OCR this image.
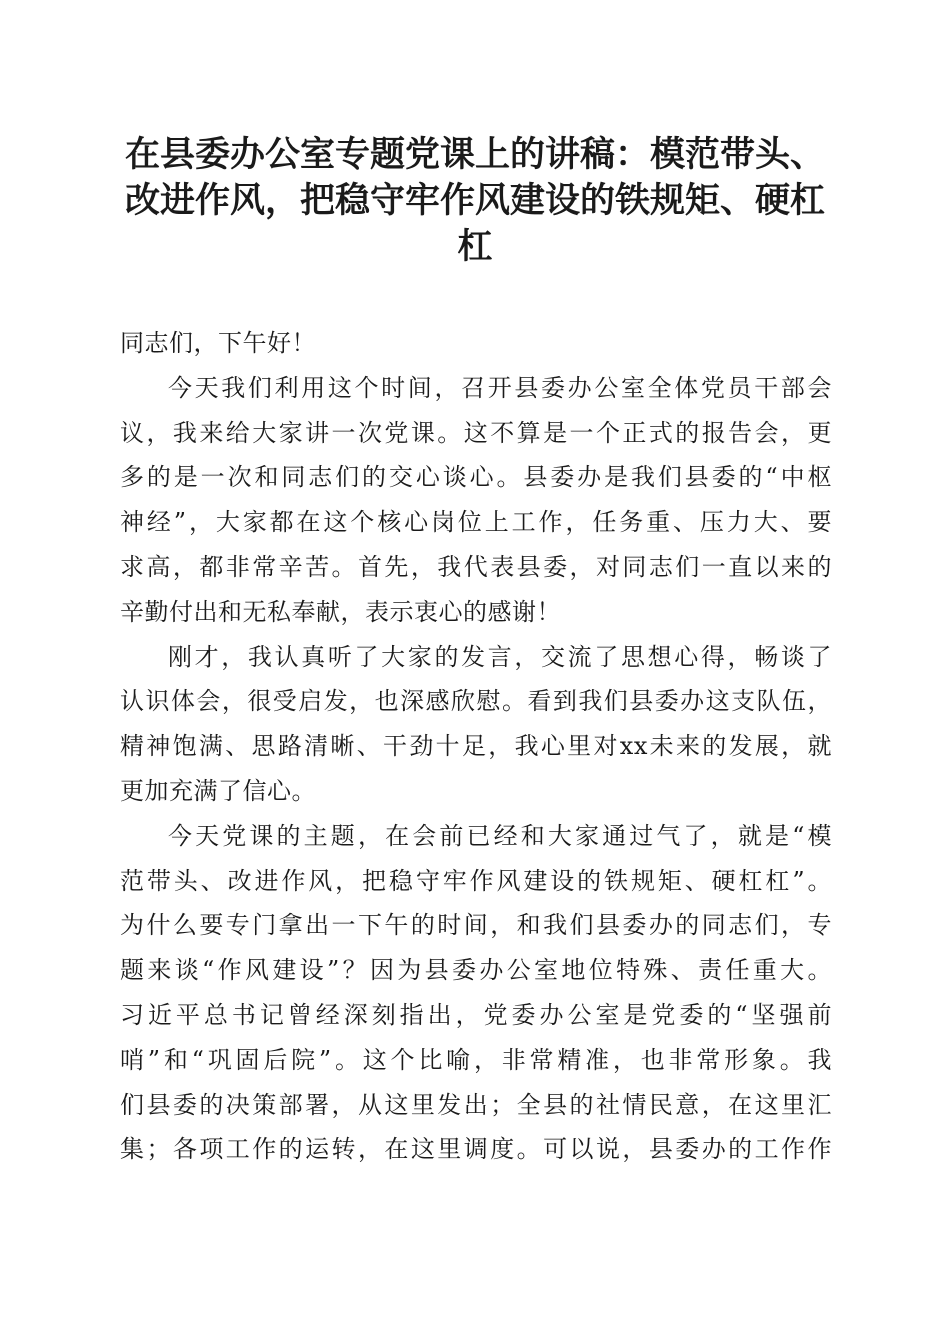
在县委办公室专题党课上的讲稿：模范带头、
改进作风，把稳守牢作风建设的铁规矩、硬杠
杠
同志们，下午好！
今天我们利用这个时间，召开县委办公室全体党员干部会
议，我来给大家讲一次党课。这不算是一个正式的报告会，更
多的是一次和同志们的交心谈心。县委办是我们县委的“中枢
神经”，大家都在这个核心岗位上工作，任务重、压力大、要
求高，都非常辛苦。首先，我代表县委，对同志们一直以来的
辛勤付出和无私奉献，表示衷心的感谢！
刚才，我认真听了大家的发言，交流了思想心得，畅谈了
认识体会，很受启发，也深感欣慰。看到我们县委办这支队伍，
精神饱满、思路清晰、干劲十足，我心里对xx未来的发展，就
更加充满了信心。
今天党课的主题，在会前已经和大家通过气了，就是“模
范带头、改进作风，把稳守牢作风建设的铁规矩、硬杠杠”。
为什么要专门拿出一下午的时间，和我们县委办的同志们，专
题来谈“作风建设”？因为县委办公室地位特殊、责任重大。
习近平总书记曾经深刻指出，党委办公室是党委的“坚强前
哨”和“巩固后院”。这个比喻，非常精准，也非常形象。我
们县委的决策部署，从这里发出；全县的社情民意，在这里汇
集；各项工作的运转，在这里调度。可以说，县委办的工作作
